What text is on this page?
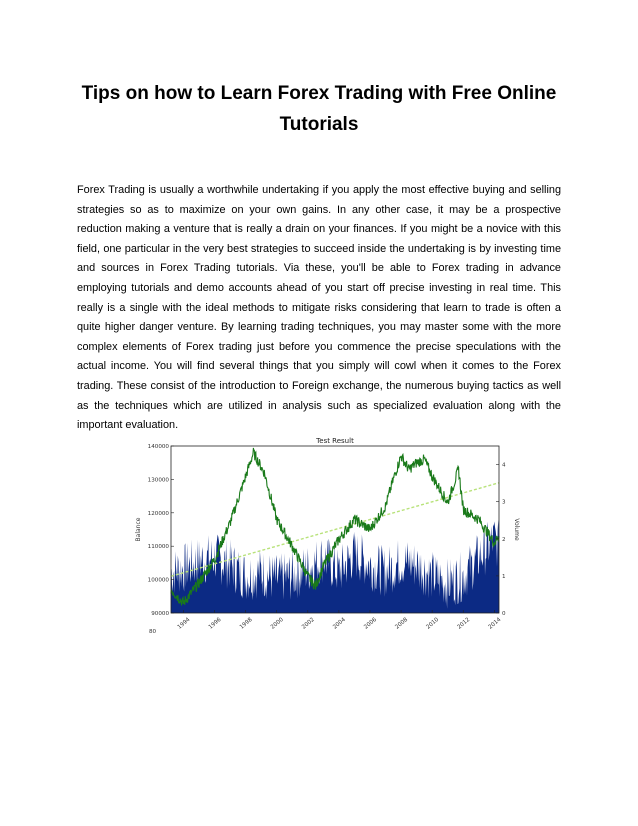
Tips on how to Learn Forex Trading with Free Online Tutorials
Forex Trading is usually a worthwhile undertaking if you apply the most effective buying and selling strategies so as to maximize on your own gains. In any other case, it may be a prospective reduction making a venture that is really a drain on your finances. If you might be a novice with this field, one particular in the very best strategies to succeed inside the undertaking is by investing time and sources in Forex Trading tutorials. Via these, you'll be able to Forex trading in advance employing tutorials and demo accounts ahead of you start off precise investing in real time. This really is a single with the ideal methods to mitigate risks considering that learn to trade is often a quite higher danger venture. By learning trading techniques, you may master some with the more complex elements of Forex trading just before you commence the precise speculations with the actual income. You will find several things that you simply will cowl when it comes to the Forex trading. These consist of the introduction to Foreign exchange, the numerous buying tactics as well as the techniques which are utilized in analysis such as specialized evaluation along with the important evaluation.
90000
100000
110000
120000
130000
140000
0
1
2
3
4
1994	1996	1998	2000	2002	2004	2006	2008	2010	2012	2014
80
Test Result
Balance	Volume
